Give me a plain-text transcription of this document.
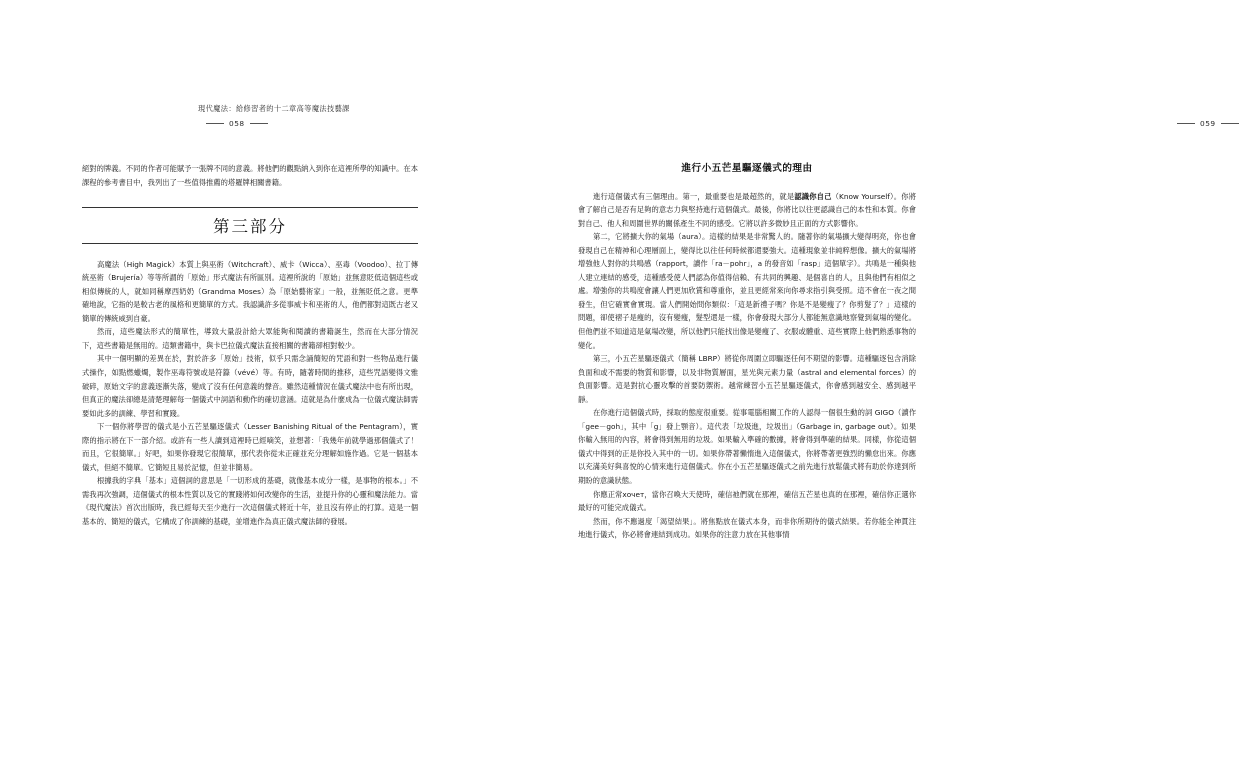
現代魔法：給修習者的十二章高等魔法技藝課
058

絕對的牌義。不同的作者可能賦予一張牌不同的意義。將他們的觀點納入到你在這裡所學的知識中。在本課程的參考書目中，我列出了一些值得推薦的塔羅牌相關書籍。

第三部分

高魔法（High Magick）本質上與巫術（Witchcraft）、威卡（Wicca）、巫毒（Voodoo）、拉丁傳統巫術（Brujería）等等所謂的「原始」形式魔法有所區別。這裡所說的「原始」並無意貶低這個這些或相似傳統的人，就如同稱摩西奶奶（Grandma Moses）為「原始藝術家」一般，並無貶低之意。更準確地說，它指的是較古老的風格和更簡單的方式。我認識許多從事威卡和巫術的人，他們都對這既古老又簡單的傳統威到自豪。

然而，這些魔法形式的簡單性，導致大量設計給大眾能夠和閱讀的書籍誕生，然而在大部分情況下，這些書籍是無用的。這類書籍中，與卡巴拉儀式魔法直接相關的書籍卻相對較少。

其中一個明顯的差異在於，對於許多「原始」技術，似乎只需念誦簡短的咒語和對一些物品進行儀式操作，如點燃蠟燭，製作巫毒符號或是符籙（vévé）等。有時，隨著時間的推移，這些咒語變得文雅破碎，原始文字的意義逐漸失落，變成了沒有任何意義的聲音。雖然這種情況在儀式魔法中也有所出現，但真正的魔法卻總是清楚理解每一個儀式中詞語和動作的確切意涵。這就是為什麼成為一位儀式魔法師需要如此多的訓練、學習和實踐。

下一個你將學習的儀式是小五芒星驅逐儀式（Lesser Banishing Ritual of the Pentagram），實際的指示將在下一部介紹。或許有一些人讀到這裡時已經嘀笑，並想著：「我幾年前就學過那個儀式了！而且，它很簡單。」好吧，如果你發現它很簡單，那代表你從未正確並充分理解如施作過。它是一個基本儀式，但絕不簡單。它簡短且易於記憶，但並非簡易。

根據我的字典「基本」這個詞的意思是「一切形成的基礎，就像基本成分一樣，是事物的根本。」不需我再次強調，這個儀式的根本性質以及它的實踐將如何改變你的生活，並提升你的心靈和魔法能力。當《現代魔法》首次出版時，我已經每天至少進行一次這個儀式將近十年，並且沒有停止的打算。這是一個基本的、簡短的儀式，它構成了你訓練的基礎，並增進作為真正儀式魔法師的發展。

059
進行小五芒星驅逐儀式的理由

進行這個儀式有三個理由。第一，最重要也是最超然的，就是認識你自己（Know Yourself）。你將會了解自己是否有足夠的意志力與堅持進行這個儀式。最後，你將比以往更認識自己的本性和本質。你會對自己、他人和周圍世界的關係產生不同的感受。它將以許多微妙且正面的方式影響你。

第二，它將擴大你的氣場（aura）。這樣的結果是非常驚人的。隨著你的氣場擴大變得明亮，你也會發現自己在精神和心理層面上，變得比以往任何時候都還要強大。這種現象並非純粹想像。擴大的氣場將增強他人對你的共鳴感（rapport，讀作「ra－pohr」，a 的發音如「rasp」這個單字）。共鳴是一種與他人建立連結的感受，這種感受使人們認為你值得信賴、有共同的興趣、是個喜自的人，且與他們有相似之處。增強你的共鳴度會讓人們更加欣賞和尊重你，並且更經常來向你尋求指引與受照。這不會在一夜之間發生，但它確實會實現。當人們開始問你類似：「這是新禮子嗎？你是不是變瘦了？你剪髮了？」這樣的問題，卻使褶子是瘦的，沒有變瘦，髮型還是一樣，你會發現大部分人都能無意識地察覺到氣場的變化。但他們並不知道這是氣場改變，所以他們只能找出像是變瘦了、衣服或體重、這些實際上他們熟悉事物的變化。

第三，小五芒星驅逐儀式（簡稱 LBRP）將從你周圍立即驅逐任何不期望的影響。這種驅逐包含消除負面和或不需要的物質和影響，以及非物質層面，星光與元素力量（astral and elemental forces）的負面影響。這是對抗心靈攻擊的首要防禦術。越常練習小五芒星驅逐儀式，你會感到越安全、感到越平靜。

在你進行這個儀式時，採取的態度很重要。從事電腦相關工作的人認得一個很生動的詞 GIGO（讀作「gee－goh」，其中「g」發上顎音）。這代表「垃圾進，垃圾出」（Garbage in, garbage out）。如果你輸入無用的內容，將會得到無用的垃圾。如果輸入準確的數據，將會得到準確的結果。同樣，你從這個儀式中得到的正是你投入其中的一切。如果你帶著懶惰進入這個儀式，你將帶著更強烈的懶怠出來。你應以充滿美好與喜悅的心情來進行這個儀式。你在小五芒星驅逐儀式之前先進行放鬆儀式將有助於你達到所期盼的意識狀態。

你應正常хочет，當你召喚大天使時，確信祂們就在那裡，確信五芒星也真的在那裡，確信你正選你最好的可能完成儀式。

然而，你不應過度「渴望結果」。將焦點放在儀式本身，而非你所期待的儀式結果。若你能全神貫注地進行儀式，你必將會連結到成功。如果你的注意力放在其他事情
